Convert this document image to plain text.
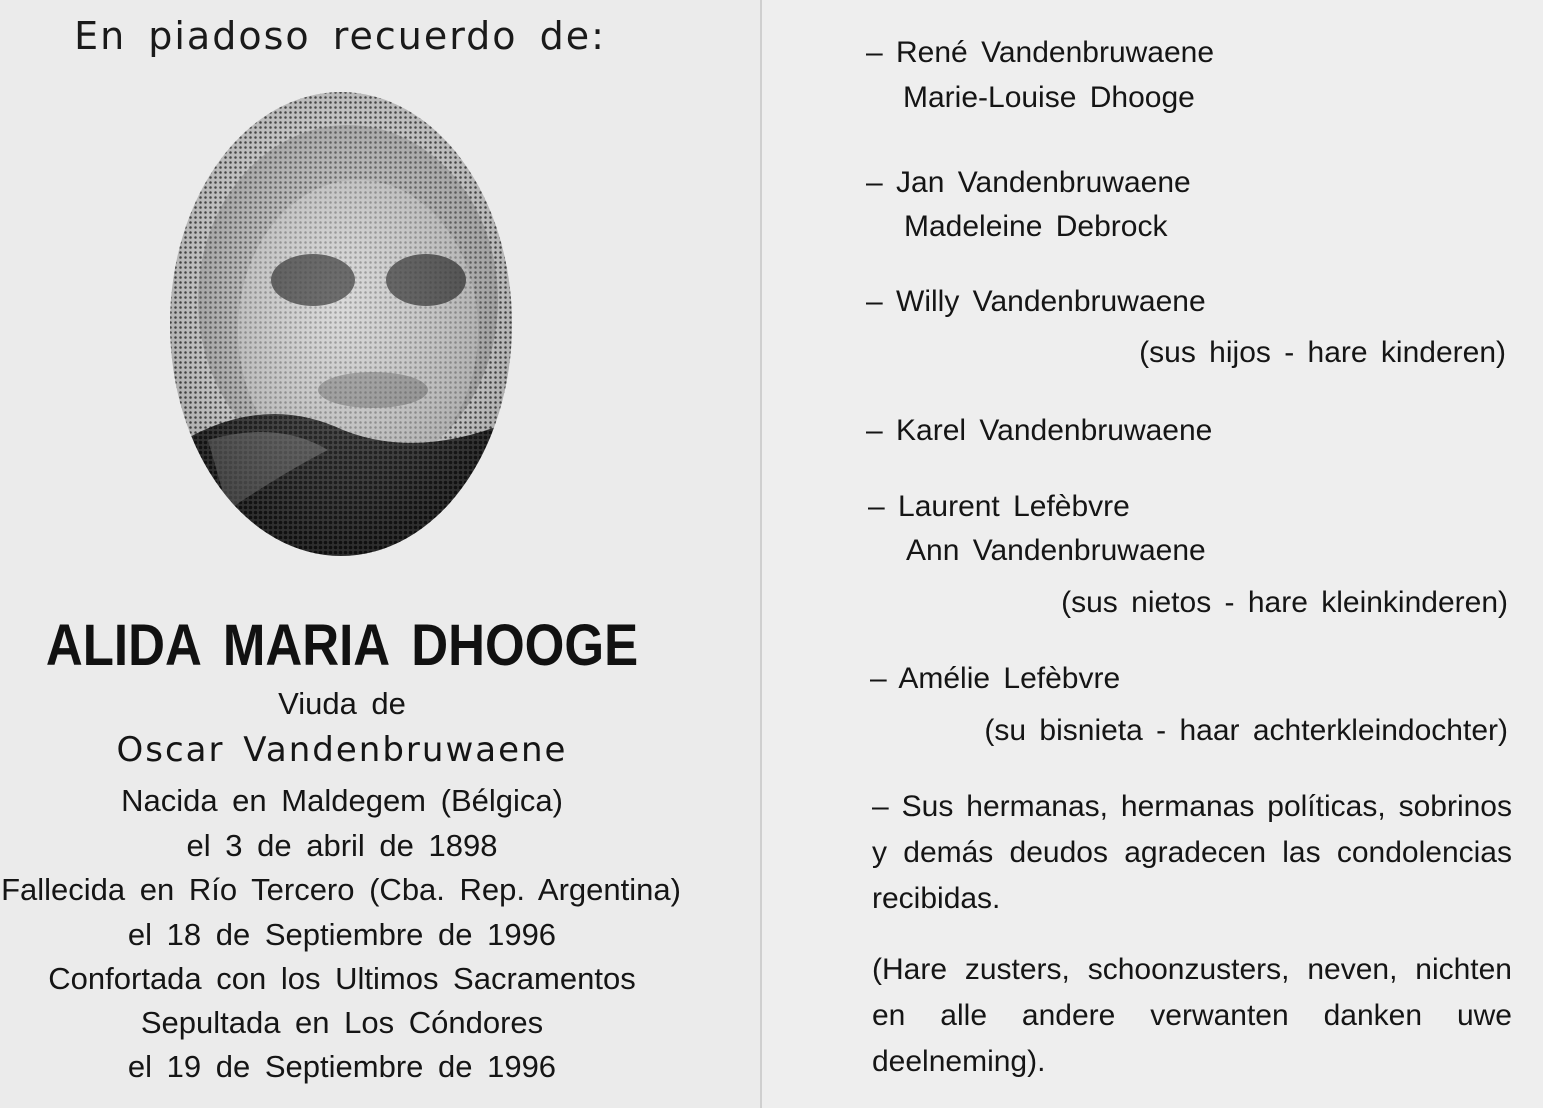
En piadoso recuerdo de:
ALIDA MARIA DHOOGE
Viuda de
Oscar Vandenbruwaene
Nacida en Maldegem (Bélgica)
el 3 de abril de 1898
Fallecida en Río Tercero (Cba. Rep. Argentina)
el 18 de Septiembre de 1996
Confortada con los Ultimos Sacramentos
Sepultada en Los Cóndores
el 19 de Septiembre de 1996
– René Vandenbruwaene
Marie-Louise Dhooge
– Jan Vandenbruwaene
Madeleine Debrock
– Willy Vandenbruwaene
(sus hijos - hare kinderen)
– Karel Vandenbruwaene
– Laurent Lefèbvre
Ann Vandenbruwaene
(sus nietos - hare kleinkinderen)
– Amélie Lefèbvre
(su bisnieta - haar achterkleindochter)
– Sus hermanas, hermanas políticas, sobrinos y demás deudos agradecen las condolencias recibidas.
(Hare zusters, schoonzusters, neven, nichten en alle andere verwanten danken uwe deelneming).
